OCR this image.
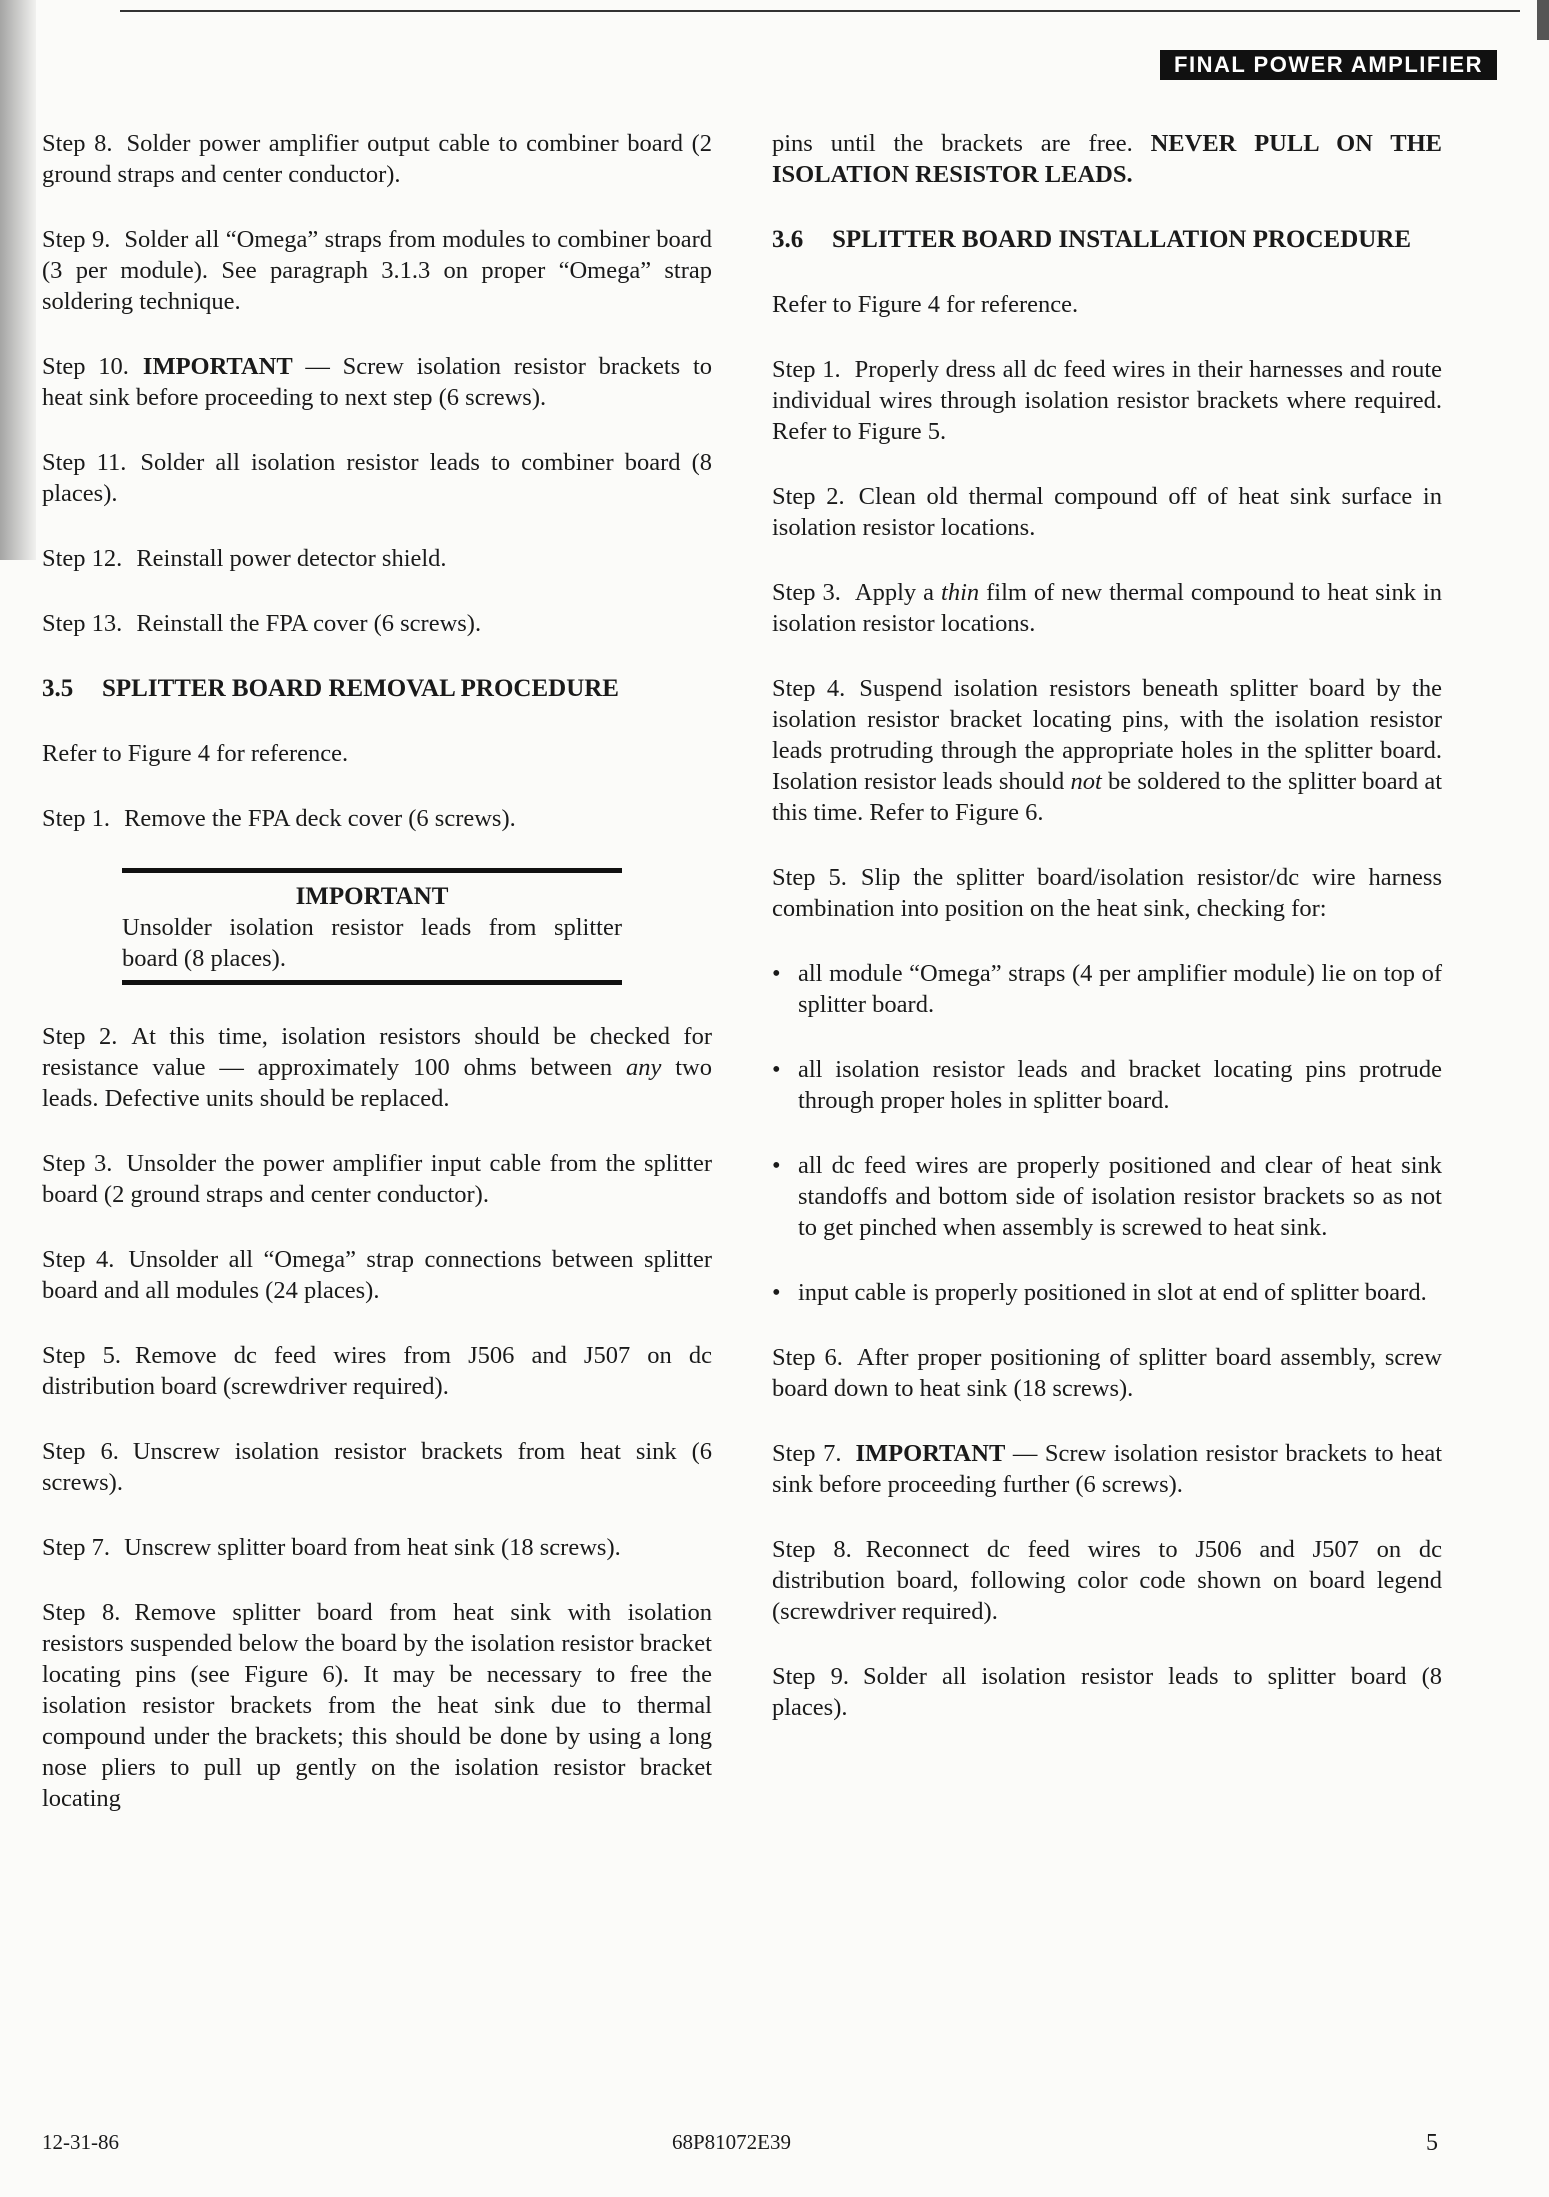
FINAL POWER AMPLIFIER

Step 8. Solder power amplifier output cable to combiner board (2 ground straps and center conductor).

Step 9. Solder all “Omega” straps from modules to combiner board (3 per module). See paragraph 3.1.3 on proper “Omega” strap soldering technique.

Step 10. IMPORTANT — Screw isolation resistor brackets to heat sink before proceeding to next step (6 screws).

Step 11. Solder all isolation resistor leads to combiner board (8 places).

Step 12. Reinstall power detector shield.

Step 13. Reinstall the FPA cover (6 screws).

3.5	SPLITTER BOARD REMOVAL PROCEDURE

Refer to Figure 4 for reference.

Step 1. Remove the FPA deck cover (6 screws).

IMPORTANT
Unsolder isolation resistor leads from splitter board (8 places).

Step 2. At this time, isolation resistors should be checked for resistance value — approximately 100 ohms between any two leads. Defective units should be replaced.

Step 3. Unsolder the power amplifier input cable from the splitter board (2 ground straps and center conductor).

Step 4. Unsolder all “Omega” strap connections between splitter board and all modules (24 places).

Step 5. Remove dc feed wires from J506 and J507 on dc distribution board (screwdriver required).

Step 6. Unscrew isolation resistor brackets from heat sink (6 screws).

Step 7. Unscrew splitter board from heat sink (18 screws).

Step 8. Remove splitter board from heat sink with isolation resistors suspended below the board by the isolation resistor bracket locating pins (see Figure 6). It may be necessary to free the isolation resistor brackets from the heat sink due to thermal compound under the brackets; this should be done by using a long nose pliers to pull up gently on the isolation resistor bracket locating

pins until the brackets are free. NEVER PULL ON THE ISOLATION RESISTOR LEADS.

3.6	SPLITTER BOARD INSTALLATION PROCEDURE

Refer to Figure 4 for reference.

Step 1. Properly dress all dc feed wires in their harnesses and route individual wires through isolation resistor brackets where required. Refer to Figure 5.

Step 2. Clean old thermal compound off of heat sink surface in isolation resistor locations.

Step 3. Apply a thin film of new thermal compound to heat sink in isolation resistor locations.

Step 4. Suspend isolation resistors beneath splitter board by the isolation resistor bracket locating pins, with the isolation resistor leads protruding through the appropriate holes in the splitter board. Isolation resistor leads should not be soldered to the splitter board at this time. Refer to Figure 6.

Step 5. Slip the splitter board/isolation resistor/dc wire harness combination into position on the heat sink, checking for:

• all module “Omega” straps (4 per amplifier module) lie on top of splitter board.
• all isolation resistor leads and bracket locating pins protrude through proper holes in splitter board.
• all dc feed wires are properly positioned and clear of heat sink standoffs and bottom side of isolation resistor brackets so as not to get pinched when assembly is screwed to heat sink.
• input cable is properly positioned in slot at end of splitter board.

Step 6. After proper positioning of splitter board assembly, screw board down to heat sink (18 screws).

Step 7. IMPORTANT — Screw isolation resistor brackets to heat sink before proceeding further (6 screws).

Step 8. Reconnect dc feed wires to J506 and J507 on dc distribution board, following color code shown on board legend (screwdriver required).

Step 9. Solder all isolation resistor leads to splitter board (8 places).

12-31-86	68P81072E39	5
